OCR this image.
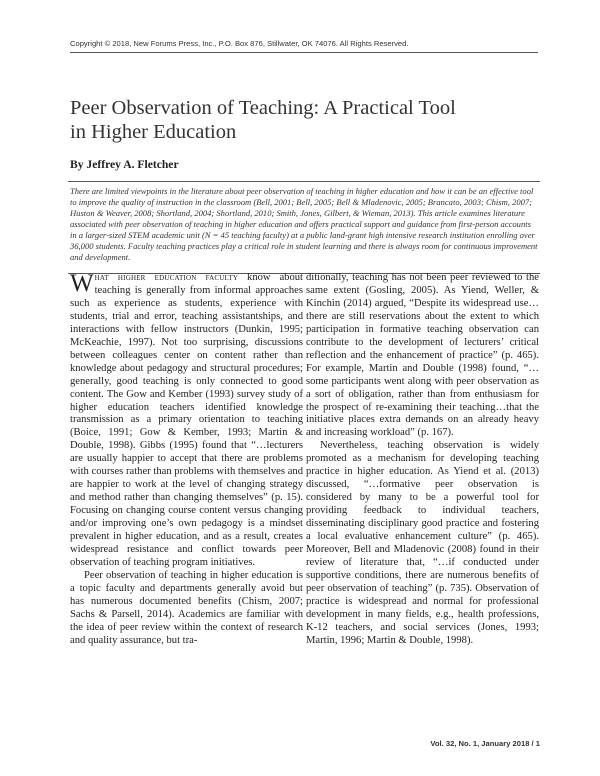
Copyright © 2018, New Forums Press, Inc., P.O. Box 876, Stillwater, OK 74076. All Rights Reserved.
Peer Observation of Teaching: A Practical Tool
in Higher Education
By Jeffrey A. Fletcher

There are limited viewpoints in the literature about peer observation of teaching in higher education and how it can be an effective tool to improve the quality of instruction in the classroom (Bell, 2001; Bell, 2005; Bell & Mladenovic, 2005; Brancato, 2003; Chism, 2007; Huston & Weaver, 2008; Shortland, 2004; Shortland, 2010; Smith, Jones, Gilbert, & Wieman, 2013). This article examines literature associated with peer observation of teaching in higher education and offers practical support and guidance from first-person accounts in a larger-sized STEM academic unit (N = 45 teaching faculty) at a public land-grant high intensive research institution enrolling over 36,000 students. Faculty teaching practices play a critical role in student learning and there is always room for continuous improvement and development.

What higher education faculty know about teaching is generally from informal approaches such as experience as students, experience with students, trial and error, teaching assistantships, and interactions with fellow instructors (Dunkin, 1995; McKeachie, 1997). Not too surprising, discussions between colleagues center on content rather than knowledge about pedagogy and structural procedures; generally, good teaching is only connected to good content. The Gow and Kember (1993) survey study of higher education teachers identified knowledge transmission as a primary orientation to teaching (Boice, 1991; Gow & Kember, 1993; Martin & Double, 1998). Gibbs (1995) found that “…lecturers are usually happier to accept that there are problems with courses rather than problems with themselves and are happier to work at the level of changing strategy and method rather than changing themselves” (p. 15). Focusing on changing course content versus changing and/or improving one’s own pedagogy is a mindset prevalent in higher education, and as a result, creates widespread resistance and conflict towards peer observation of teaching program initiatives.

Peer observation of teaching in higher education is a topic faculty and departments generally avoid but has numerous documented benefits (Chism, 2007; Sachs & Parsell, 2014). Academics are familiar with the idea of peer review within the context of research and quality assurance, but tra-

ditionally, teaching has not been peer reviewed to the same extent (Gosling, 2005). As Yiend, Weller, & Kinchin (2014) argued, “Despite its widespread use…there are still reservations about the extent to which participation in formative teaching observation can contribute to the development of lecturers’ critical reflection and the enhancement of practice” (p. 465). For example, Martin and Double (1998) found, “… some participants went along with peer observation as a sort of obligation, rather than from enthusiasm for the prospect of re-examining their teaching…that the initiative places extra demands on an already heavy and increasing workload” (p. 167).

Nevertheless, teaching observation is widely promoted as a mechanism for developing teaching practice in higher education. As Yiend et al. (2013) discussed, “…formative peer observation is considered by many to be a powerful tool for providing feedback to individual teachers, disseminating disciplinary good practice and fostering a local evaluative enhancement culture” (p. 465). Moreover, Bell and Mladenovic (2008) found in their review of literature that, “…if conducted under supportive conditions, there are numerous benefits of peer observation of teaching” (p. 735). Observation of practice is widespread and normal for professional development in many fields, e.g., health professions, K-12 teachers, and social services (Jones, 1993; Martin, 1996; Martin & Double, 1998).

Vol. 32, No. 1, January 2018 / 1
